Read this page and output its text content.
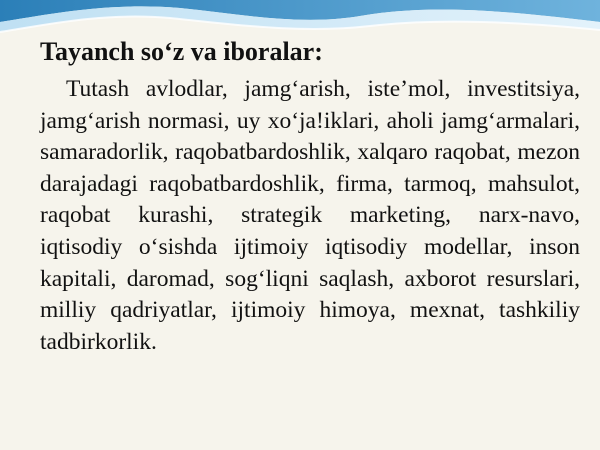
Tayanch so‘z va iboralar:

Tutash avlodlar, jamg‘arish, iste’mol, investitsiya, jamg‘arish normasi, uy xo‘ja!iklari, aholi jamg‘armalari, samaradorlik, raqobatbardoshlik, xalqaro raqobat, mezon darajadagi raqobatbardoshlik, firma, tarmoq, mahsulot, raqobat kurashi, strategik marketing, narx-navo, iqtisodiy o‘sishda ijtimoiy iqtisodiy modellar, inson kapitali, daromad, sog‘liqni saqlash, axborot resurslari, milliy qadriyatlar, ijtimoiy himoya, mexnat, tashkiliy tadbirkorlik.
